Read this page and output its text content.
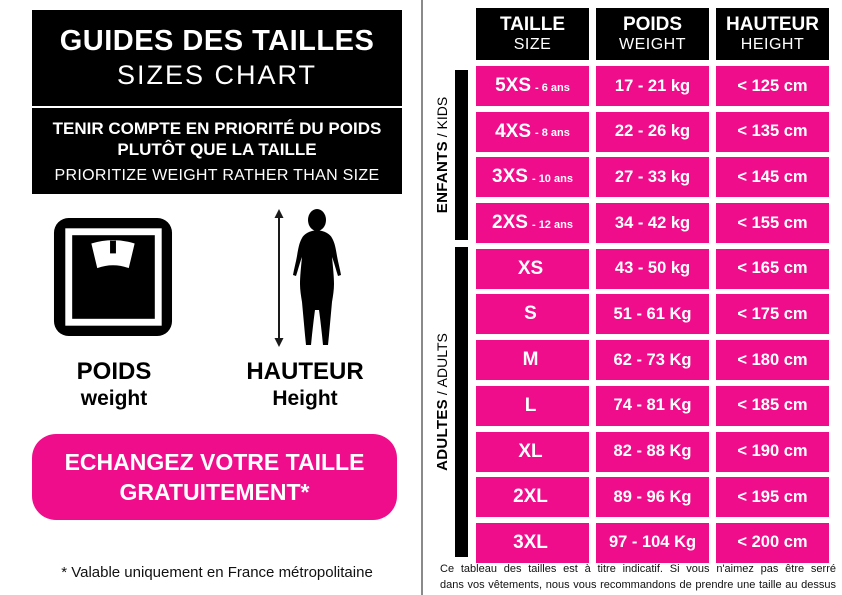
GUIDES DES TAILLES
SIZES CHART
TENIR COMPTE EN PRIORITÉ DU POIDS
PLUTÔT QUE LA TAILLE
PRIORITIZE WEIGHT RATHER THAN SIZE
POIDS
weight
HAUTEUR
Height
ECHANGEZ VOTRE TAILLE
GRATUITEMENT*
* Valable uniquement en France métropolitaine
TAILLE
SIZE
POIDS
WEIGHT
HAUTEUR
HEIGHT
5XS - 6 ans	17 - 21 kg	< 125 cm
4XS - 8 ans	22 - 26 kg	< 135 cm
3XS - 10 ans	27 - 33 kg	< 145 cm
2XS - 12 ans	34 - 42 kg	< 155 cm
XS	43 - 50 kg	< 165 cm
S	51 - 61 Kg	< 175 cm
M	62 - 73 Kg	< 180 cm
L	74 - 81 Kg	< 185 cm
XL	82 - 88 Kg	< 190 cm
2XL	89 - 96 Kg	< 195 cm
3XL	97 - 104 Kg	< 200 cm
ENFANTS
/
KIDS
ADULTES
/
ADULTS
Ce tableau des tailles est à titre indicatif. Si vous n'aimez pas être serré
dans vos vêtements, nous vous recommandons de prendre une taille au dessus
